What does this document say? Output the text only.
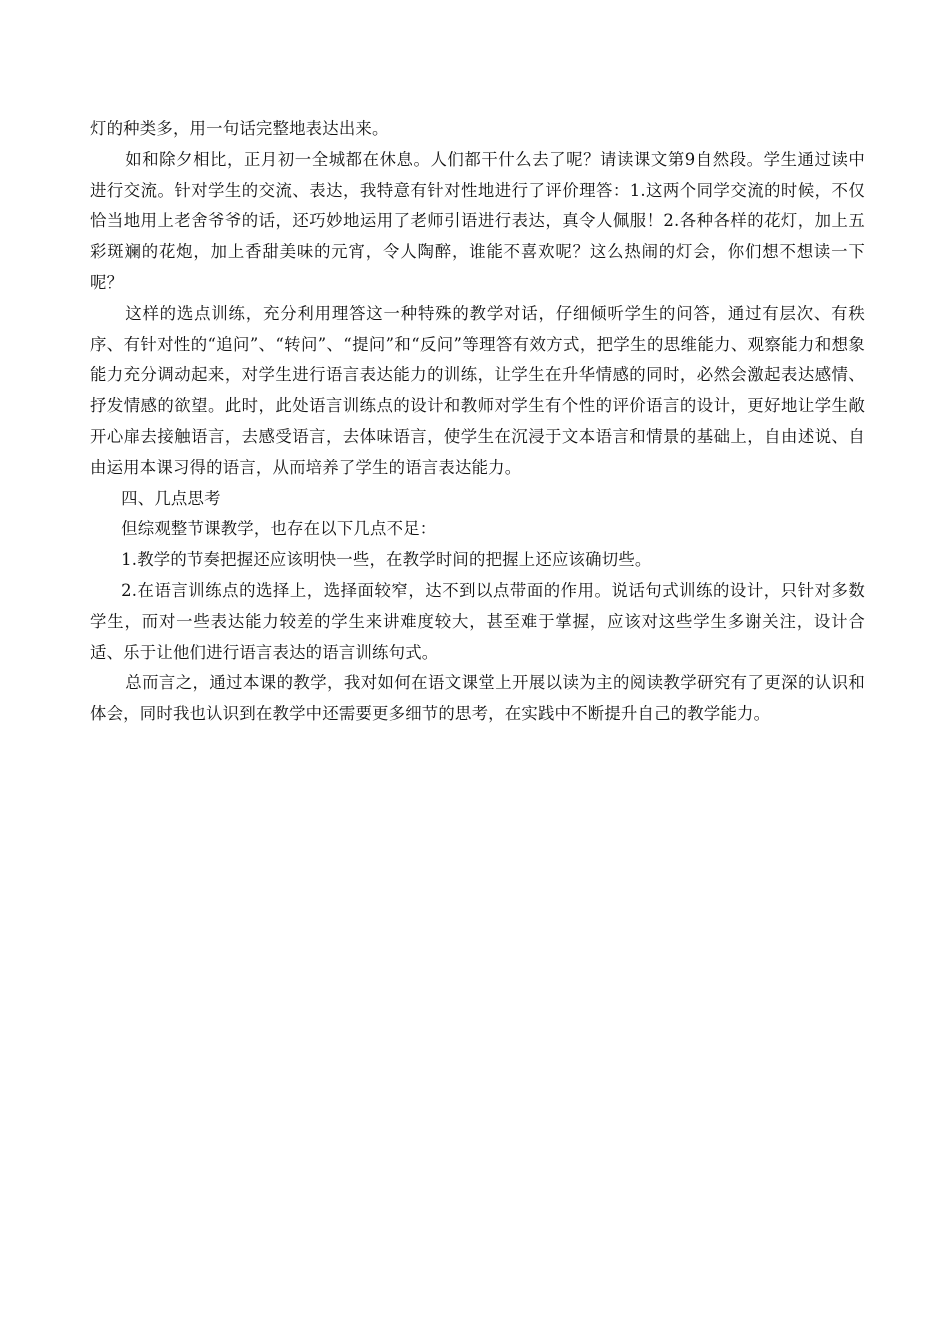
灯的种类多，用一句话完整地表达出来。

如和除夕相比，正月初一全城都在休息。人们都干什么去了呢？请读课文第9自然段。学生通过读中进行交流。针对学生的交流、表达，我特意有针对性地进行了评价理答：1.这两个同学交流的时候，不仅恰当地用上老舍爷爷的话，还巧妙地运用了老师引语进行表达，真令人佩服！2.各种各样的花灯，加上五彩斑斓的花炮，加上香甜美味的元宵，令人陶醉，谁能不喜欢呢？这么热闹的灯会，你们想不想读一下呢？

这样的选点训练，充分利用理答这一种特殊的教学对话，仔细倾听学生的问答，通过有层次、有秩序、有针对性的“追问”、“转问”、“提问”和“反问”等理答有效方式，把学生的思维能力、观察能力和想象能力充分调动起来，对学生进行语言表达能力的训练，让学生在升华情感的同时，必然会激起表达感情、抒发情感的欲望。此时，此处语言训练点的设计和教师对学生有个性的评价语言的设计，更好地让学生敞开心扉去接触语言，去感受语言，去体味语言，使学生在沉浸于文本语言和情景的基础上，自由述说、自由运用本课习得的语言，从而培养了学生的语言表达能力。

四、几点思考

但综观整节课教学，也存在以下几点不足：

1.教学的节奏把握还应该明快一些，在教学时间的把握上还应该确切些。

2.在语言训练点的选择上，选择面较窄，达不到以点带面的作用。说话句式训练的设计，只针对多数学生，而对一些表达能力较差的学生来讲难度较大，甚至难于掌握，应该对这些学生多谢关注，设计合适、乐于让他们进行语言表达的语言训练句式。

总而言之，通过本课的教学，我对如何在语文课堂上开展以读为主的阅读教学研究有了更深的认识和体会，同时我也认识到在教学中还需要更多细节的思考，在实践中不断提升自己的教学能力。
